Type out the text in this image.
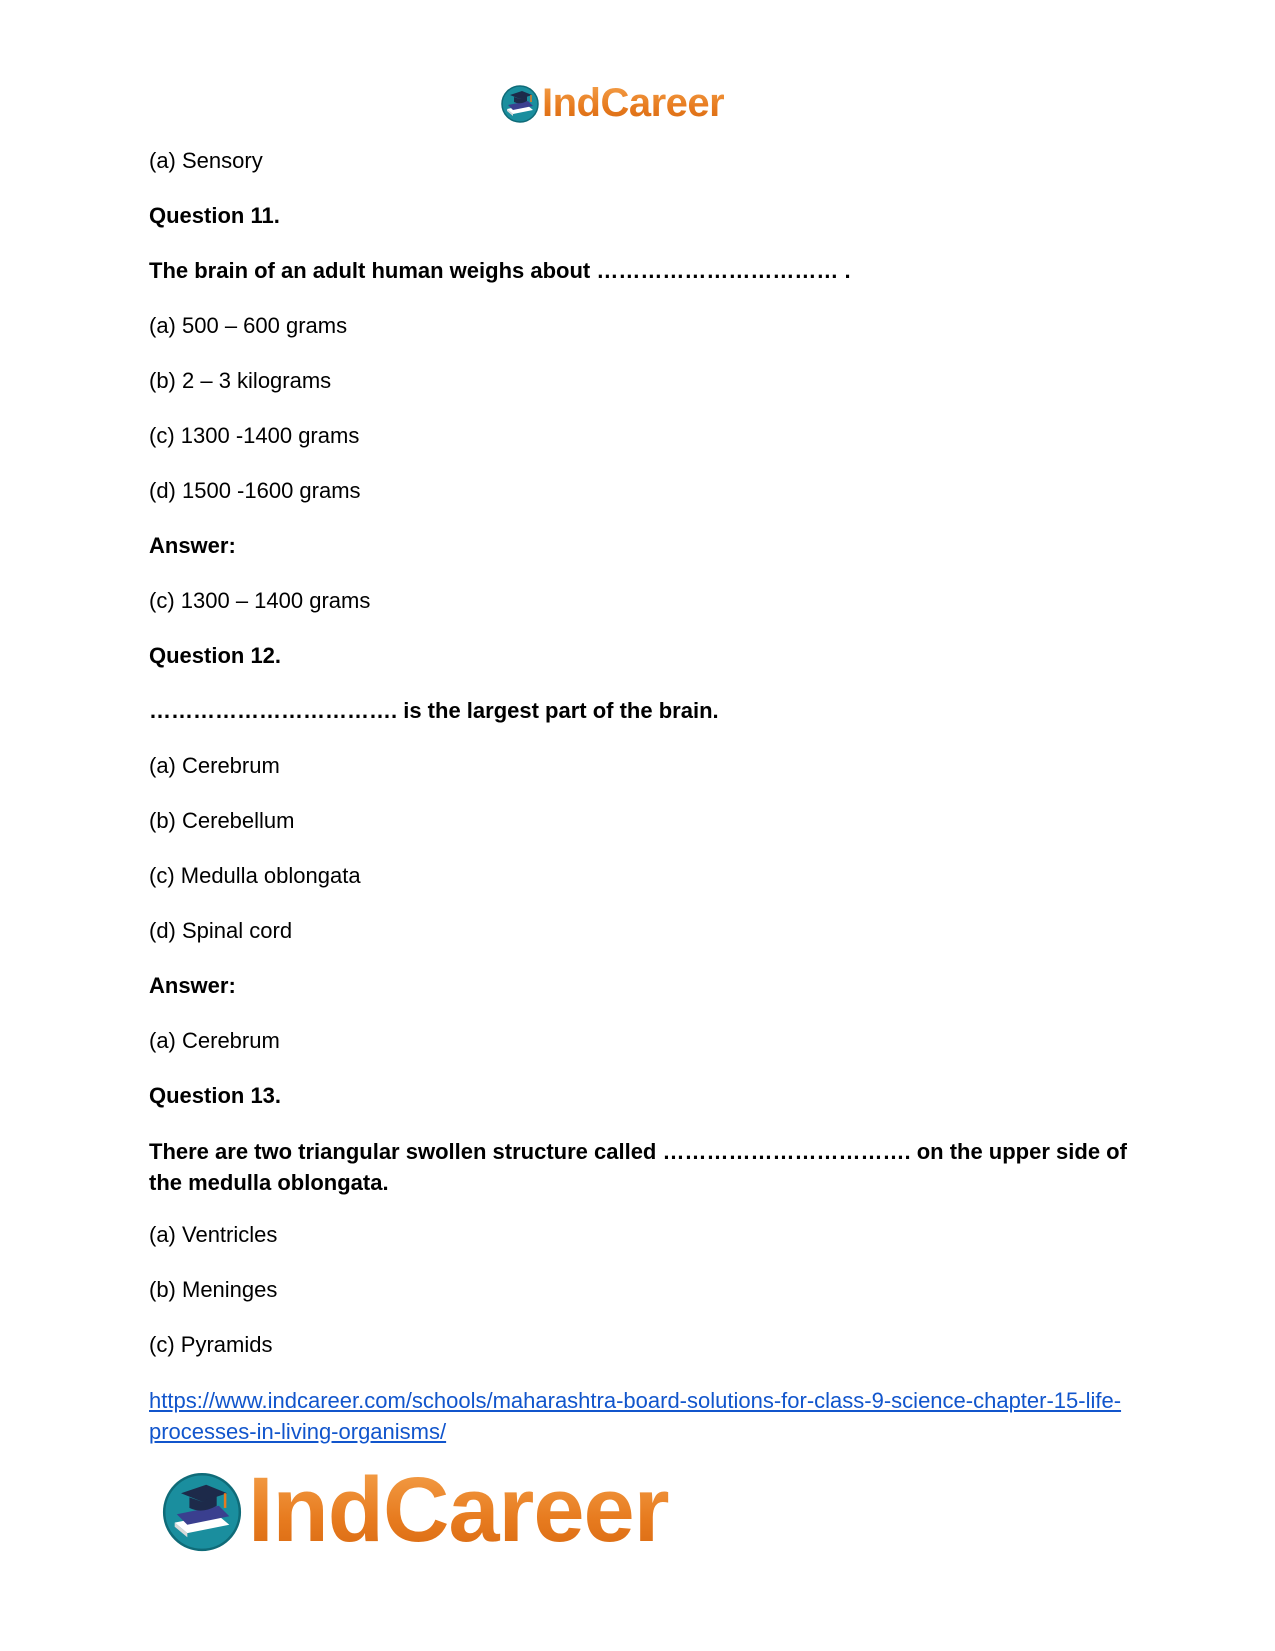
IndCareer
(a) Sensory
Question 11.
The brain of an adult human weighs about …………………………… .
(a) 500 – 600 grams
(b) 2 – 3 kilograms
(c) 1300 -1400 grams
(d) 1500 -1600 grams
Answer:
(c) 1300 – 1400 grams
Question 12.
……………………………. is the largest part of the brain.
(a) Cerebrum
(b) Cerebellum
(c) Medulla oblongata
(d) Spinal cord
Answer:
(a) Cerebrum
Question 13.
There are two triangular swollen structure called ……………………………. on the upper side of the medulla oblongata.
(a) Ventricles
(b) Meninges
(c) Pyramids
https://www.indcareer.com/schools/maharashtra-board-solutions-for-class-9-science-chapter-15-life-processes-in-living-organisms/
IndCareer
